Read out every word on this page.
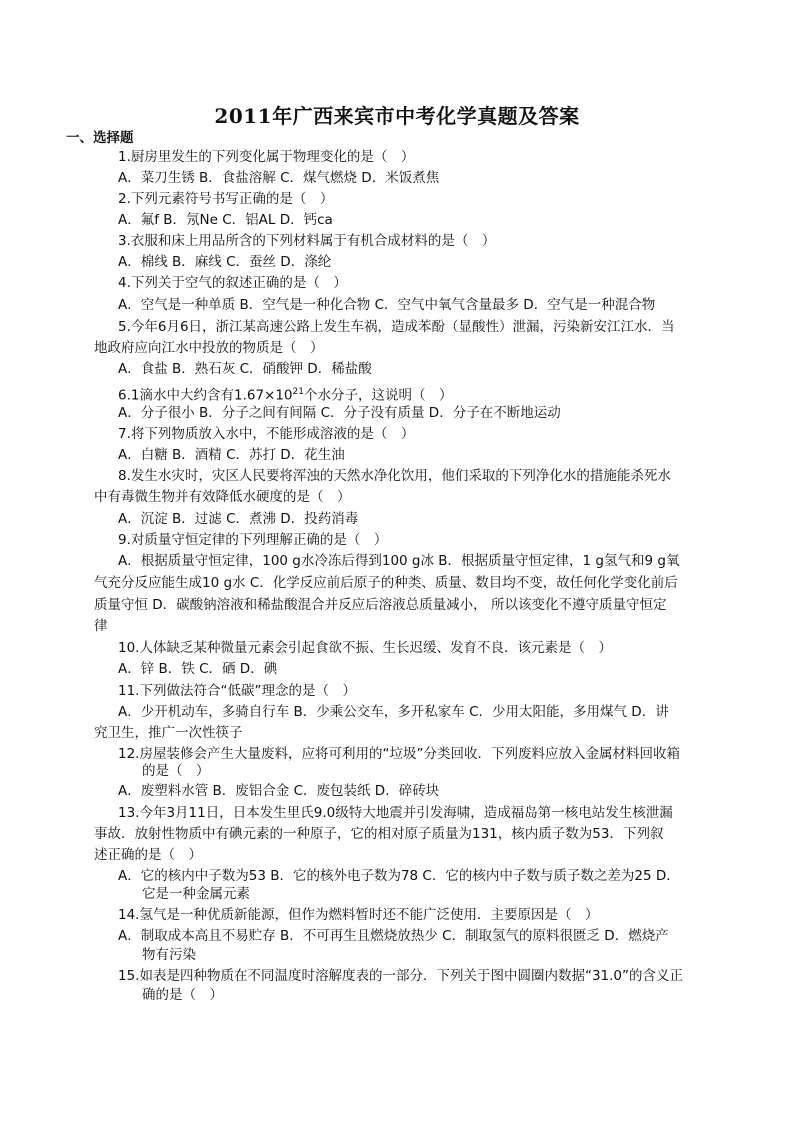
2011年广西来宾市中考化学真题及答案
一、选择题
1.厨房里发生的下列变化属于物理变化的是（　）
A．菜刀生锈 B．食盐溶解 C．煤气燃烧 D．米饭煮焦
2.下列元素符号书写正确的是（　）
A．氟f B．氖Ne C．铝AL D．钙ca
3.衣服和床上用品所含的下列材料属于有机合成材料的是（　）
A．棉线 B．麻线 C．蚕丝 D．涤纶
4.下列关于空气的叙述正确的是（　）
A．空气是一种单质 B．空气是一种化合物 C．空气中氧气含量最多 D．空气是一种混合物
5.今年6月6日，浙江某高速公路上发生车祸，造成苯酚（显酸性）泄漏，污染新安江江水．当
地政府应向江水中投放的物质是（　）
A．食盐 B．熟石灰 C．硝酸钾 D．稀盐酸
6.1滴水中大约含有$1.67\times 10^{21}$个水分子，这说明（　）
A．分子很小 B．分子之间有间隔 C．分子没有质量 D．分子在不断地运动
7.将下列物质放入水中，不能形成溶液的是（　）
A．白糖 B．酒精 C．苏打 D．花生油
8.发生水灾时，灾区人民要将浑浊的天然水净化饮用，他们采取的下列净化水的措施能杀死水
中有毒微生物并有效降低水硬度的是（　）
A．沉淀 B．过滤 C．煮沸 D．投药消毒
9.对质量守恒定律的下列理解正确的是（　）
A．根据质量守恒定律，100 g水冷冻后得到100 g冰 B．根据质量守恒定律，1 g氢气和9 g氧
气充分反应能生成10 g水 C．化学反应前后原子的种类、质量、数目均不变，故任何化学变化前后
质量守恒 D．碳酸钠溶液和稀盐酸混合并反应后溶液总质量减小， 所以该变化不遵守质量守恒定
律
10.人体缺乏某种微量元素会引起食欲不振、生长迟缓、发育不良．该元素是（　）
A．锌 B．铁 C．硒 D．碘
11.下列做法符合“低碳”理念的是（　）
A．少开机动车，多骑自行车 B．少乘公交车，多开私家车 C．少用太阳能，多用煤气 D．讲
究卫生，推广一次性筷子
12.房屋装修会产生大量废料，应将可利用的“垃圾”分类回收．下列废料应放入金属材料回收箱
的是（　）
A．废塑料水管 B．废铝合金 C．废包装纸 D．碎砖块
13.今年3月11日，日本发生里氏9.0级特大地震并引发海啸，造成福岛第一核电站发生核泄漏
事故．放射性物质中有碘元素的一种原子，它的相对原子质量为131，核内质子数为53．下列叙
述正确的是（　）
A．它的核内中子数为53 B．它的核外电子数为78 C．它的核内中子数与质子数之差为25 D．
它是一种金属元素
14.氢气是一种优质新能源，但作为燃料暂时还不能广泛使用．主要原因是（　）
A．制取成本高且不易贮存 B．不可再生且燃烧放热少 C．制取氢气的原料很匮乏 D．燃烧产
物有污染
15.如表是四种物质在不同温度时溶解度表的一部分．下列关于图中圆圈内数据“31.0”的含义正
确的是（　）
